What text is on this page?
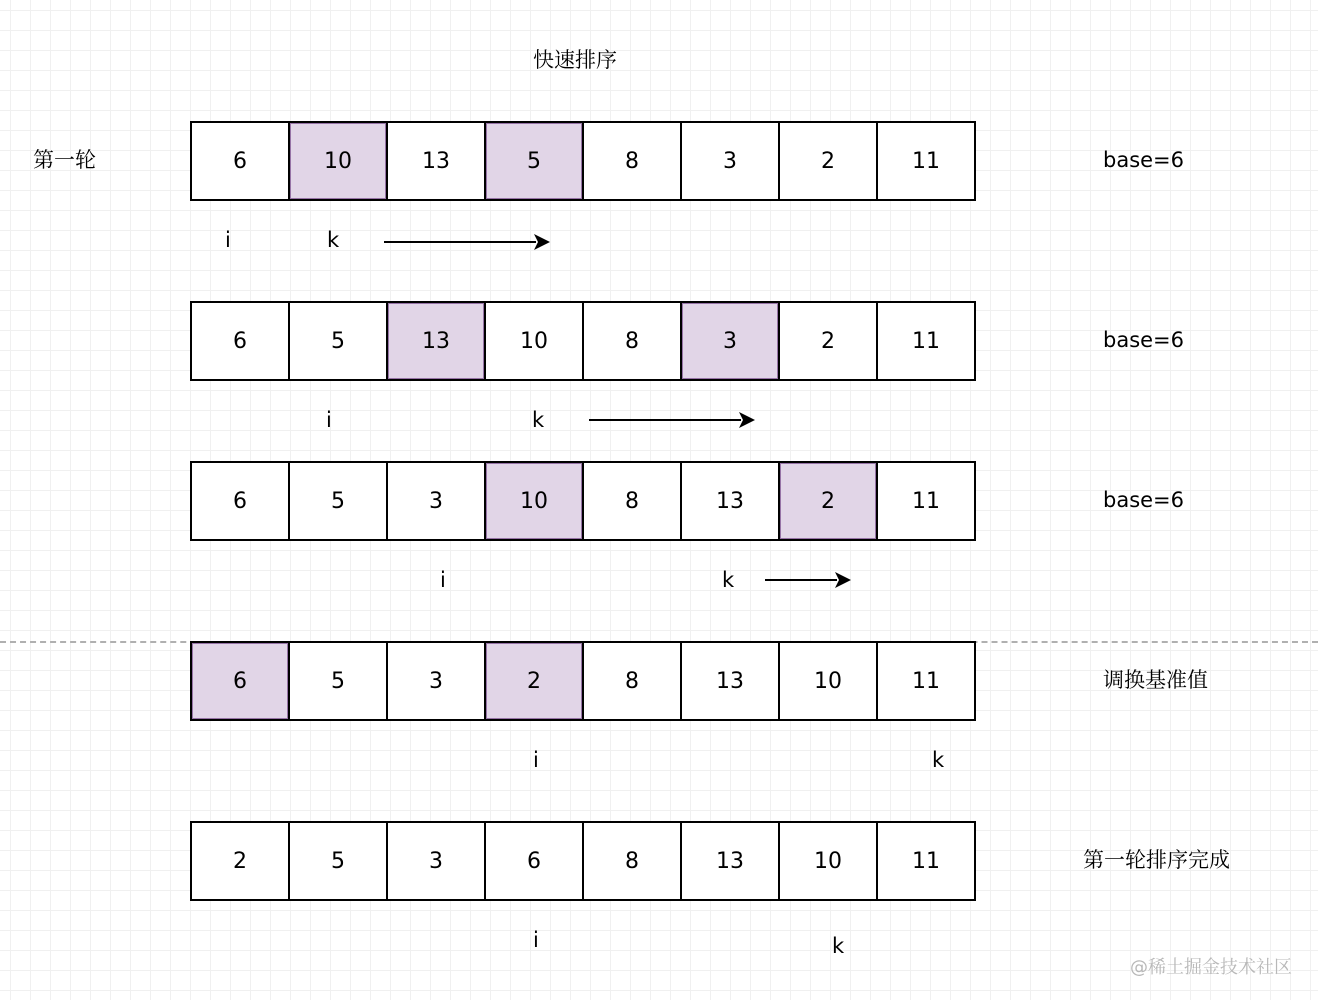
快速排序
第一轮	6	10	13	5	8	3	2	11	base=6
i	k
6	5	13	10	8	3	2	11	base=6
i	k
6	5	3	10	8	13	2	11	base=6
i	k
6	5	3	2	8	13	10	11	调换基准值
i	k
2	5	3	6	8	13	10	11	第一轮排序完成
i	k
@稀土掘金技术社区
